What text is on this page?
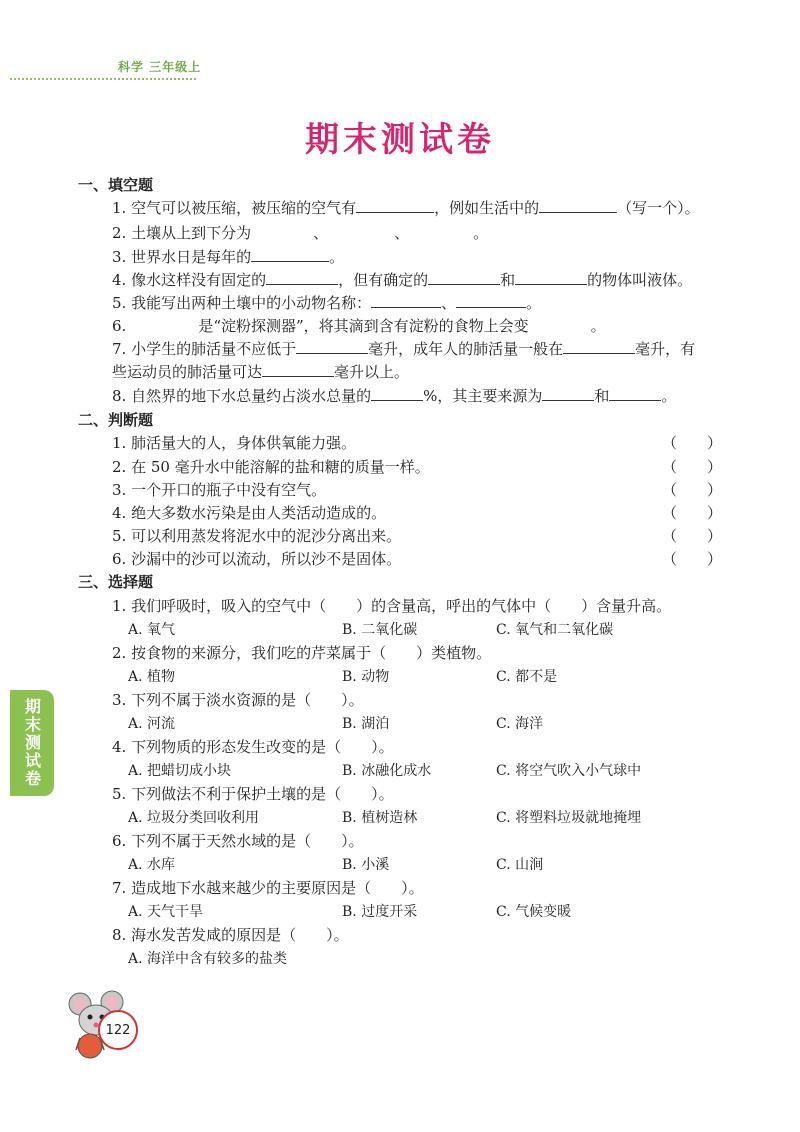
科学 三年级上
期末测试卷
一、填空题
1. 空气可以被压缩，被压缩的空气有	，例如生活中的	（写一个）。
2. 土壤从上到下分为	、	、	。
3. 世界水日是每年的	。
4. 像水这样没有固定的	，但有确定的	和	的物体叫液体。
5. 我能写出两种土壤中的小动物名称：	、	。
6.	是“淀粉探测器”，将其滴到含有淀粉的食物上会变	。
7. 小学生的肺活量不应低于	毫升，成年人的肺活量一般在	毫升，有
些运动员的肺活量可达	毫升以上。
8. 自然界的地下水总量约占淡水总量的	%，其主要来源为	和	。
二、判断题
1. 肺活量大的人，身体供氧能力强。	（　　）
2. 在 50 毫升水中能溶解的盐和糖的质量一样。	（　　）
3. 一个开口的瓶子中没有空气。	（　　）
4. 绝大多数水污染是由人类活动造成的。	（　　）
5. 可以利用蒸发将泥水中的泥沙分离出来。	（　　）
6. 沙漏中的沙可以流动，所以沙不是固体。	（　　）
三、选择题
1. 我们呼吸时，吸入的空气中（　　）的含量高，呼出的气体中（　　）含量升高。
A. 氧气	B. 二氧化碳	C. 氧气和二氧化碳
2. 按食物的来源分，我们吃的芹菜属于（　　）类植物。
A. 植物	B. 动物	C. 都不是
3. 下列不属于淡水资源的是（　　）。
A. 河流	B. 湖泊	C. 海洋
4. 下列物质的形态发生改变的是（　　）。
A. 把蜡切成小块	B. 冰融化成水	C. 将空气吹入小气球中
5. 下列做法不利于保护土壤的是（　　）。
A. 垃圾分类回收利用	B. 植树造林	C. 将塑料垃圾就地掩埋
6. 下列不属于天然水域的是（　　）。
A. 水库	B. 小溪	C. 山涧
7. 造成地下水越来越少的主要原因是（　　）。
A. 天气干旱	B. 过度开采	C. 气候变暖
8. 海水发苦发咸的原因是（　　）。
A. 海洋中含有较多的盐类
期末测试卷
122
